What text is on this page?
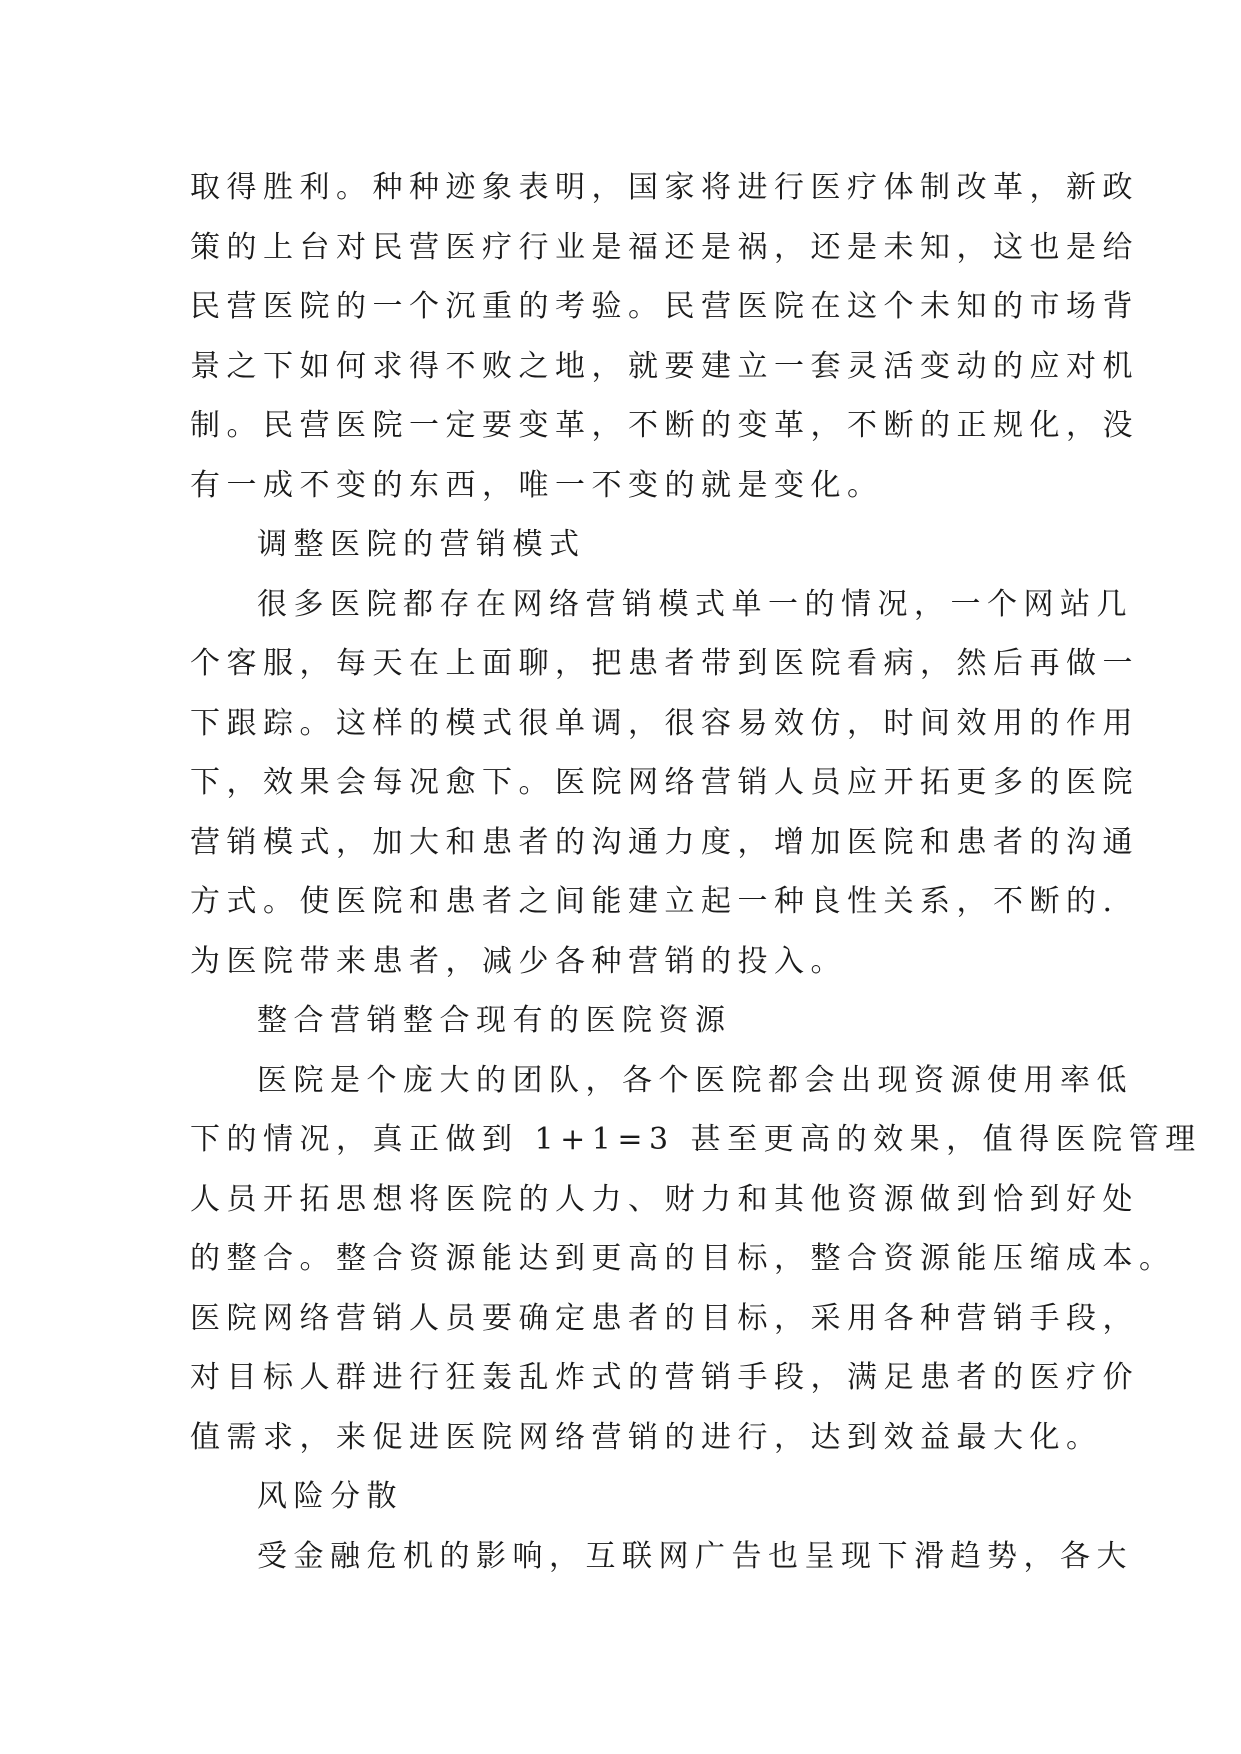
取得胜利。种种迹象表明，国家将进行医疗体制改革，新政
策的上台对民营医疗行业是福还是祸，还是未知，这也是给
民营医院的一个沉重的考验。民营医院在这个未知的市场背
景之下如何求得不败之地，就要建立一套灵活变动的应对机
制。民营医院一定要变革，不断的变革，不断的正规化，没
有一成不变的东西，唯一不变的就是变化。
调整医院的营销模式
很多医院都存在网络营销模式单一的情况，一个网站几
个客服，每天在上面聊，把患者带到医院看病，然后再做一
下跟踪。这样的模式很单调，很容易效仿，时间效用的作用
下，效果会每况愈下。医院网络营销人员应开拓更多的医院
营销模式，加大和患者的沟通力度，增加医院和患者的沟通
方式。使医院和患者之间能建立起一种良性关系，不断的.
为医院带来患者，减少各种营销的投入。
整合营销整合现有的医院资源
医院是个庞大的团队，各个医院都会出现资源使用率低
下的情况，真正做到 1+1=3 甚至更高的效果，值得医院管理
人员开拓思想将医院的人力、财力和其他资源做到恰到好处
的整合。整合资源能达到更高的目标，整合资源能压缩成本。
医院网络营销人员要确定患者的目标，采用各种营销手段，
对目标人群进行狂轰乱炸式的营销手段，满足患者的医疗价
值需求，来促进医院网络营销的进行，达到效益最大化。
风险分散
受金融危机的影响，互联网广告也呈现下滑趋势，各大
